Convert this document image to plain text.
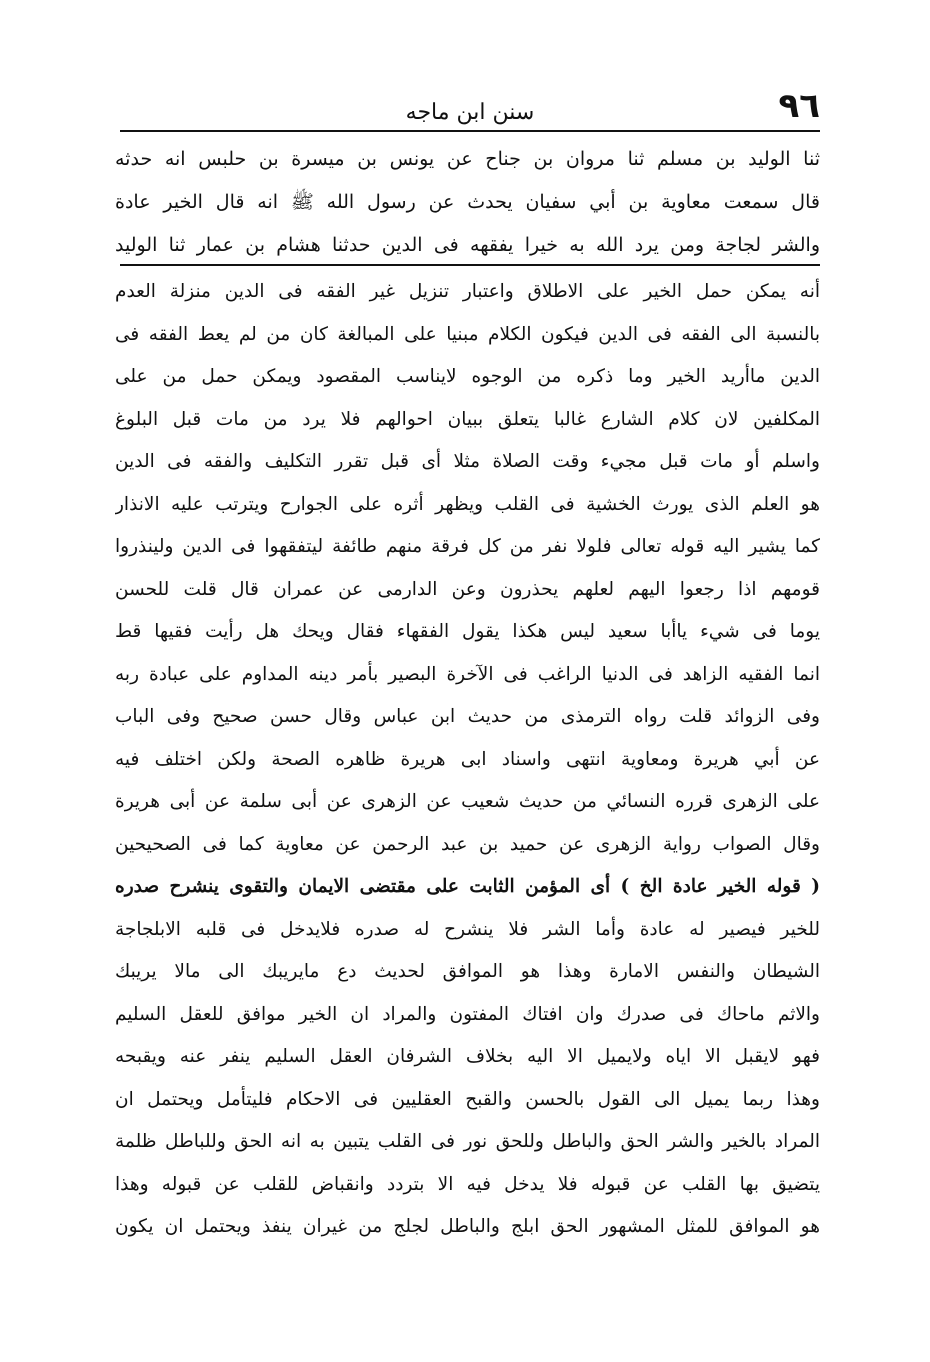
سنن ابن ماجه	٩٦
ثنا الوليد بن مسلم ثنا مروان بن جناح عن يونس بن ميسرة بن حلبس انه حدثه
قال سمعت معاوية بن أبي سفيان يحدث عن رسول الله ﷺ انه قال الخير عادة
والشر لجاجة ومن يرد الله به خيرا يفقهه فى الدين حدثنا هشام بن عمار ثنا الوليد
أنه يمكن حمل الخير على الاطلاق واعتبار تنزيل غير الفقه فى الدين منزلة العدم
بالنسبة الى الفقه فى الدين فيكون الكلام مبنيا على المبالغة كان من لم يعط الفقه فى
الدين ماأريد الخير وما ذكره من الوجوه لايناسب المقصود ويمكن حمل من على
المكلفين لان كلام الشارع غالبا يتعلق ببيان احوالهم فلا يرد من مات قبل البلوغ
واسلم أو مات قبل مجيء وقت الصلاة مثلا أى قبل تقرر التكليف والفقه فى الدين
هو العلم الذى يورث الخشية فى القلب ويظهر أثره على الجوارح ويترتب عليه الانذار
كما يشير اليه قوله تعالى فلولا نفر من كل فرقة منهم طائفة ليتفقهوا فى الدين ولينذروا
قومهم اذا رجعوا اليهم لعلهم يحذرون وعن الدارمى عن عمران قال قلت للحسن
يوما فى شيء ياأبا سعيد ليس هكذا يقول الفقهاء فقال ويحك هل رأيت فقيها قط
انما الفقيه الزاهد فى الدنيا الراغب فى الآخرة البصير بأمر دينه المداوم على عبادة ربه
وفى الزوائد قلت رواه الترمذى من حديث ابن عباس وقال حسن صحيح وفى الباب
عن أبي هريرة ومعاوية انتهى واسناد ابى هريرة ظاهره الصحة ولكن اختلف فيه
على الزهرى قرره النسائي من حديث شعيب عن الزهرى عن أبى سلمة عن أبى هريرة
وقال الصواب رواية الزهرى عن حميد بن عبد الرحمن عن معاوية كما فى الصحيحين
( قوله الخير عادة الخ ) أى المؤمن الثابت على مقتضى الايمان والتقوى ينشرح صدره
للخير فيصير له عادة وأما الشر فلا ينشرح له صدره فلايدخل فى قلبه الابلجاجة
الشيطان والنفس الامارة وهذا هو الموافق لحديث دع مايريبك الى مالا يريبك
والاثم ماحاك فى صدرك وان افتاك المفتون والمراد ان الخير موافق للعقل السليم
فهو لايقبل الا اياه ولايميل الا اليه بخلاف الشرفان العقل السليم ينفر عنه ويقبحه
وهذا ربما يميل الى القول بالحسن والقبح العقليين فى الاحكام فليتأمل ويحتمل ان
المراد بالخير والشر الحق والباطل وللحق نور فى القلب يتبين به انه الحق وللباطل ظلمة
يتضيق بها القلب عن قبوله فلا يدخل فيه الا بتردد وانقباض للقلب عن قبوله وهذا
هو الموافق للمثل المشهور الحق ابلج والباطل لجلج من غيران ينفذ ويحتمل ان يكون
